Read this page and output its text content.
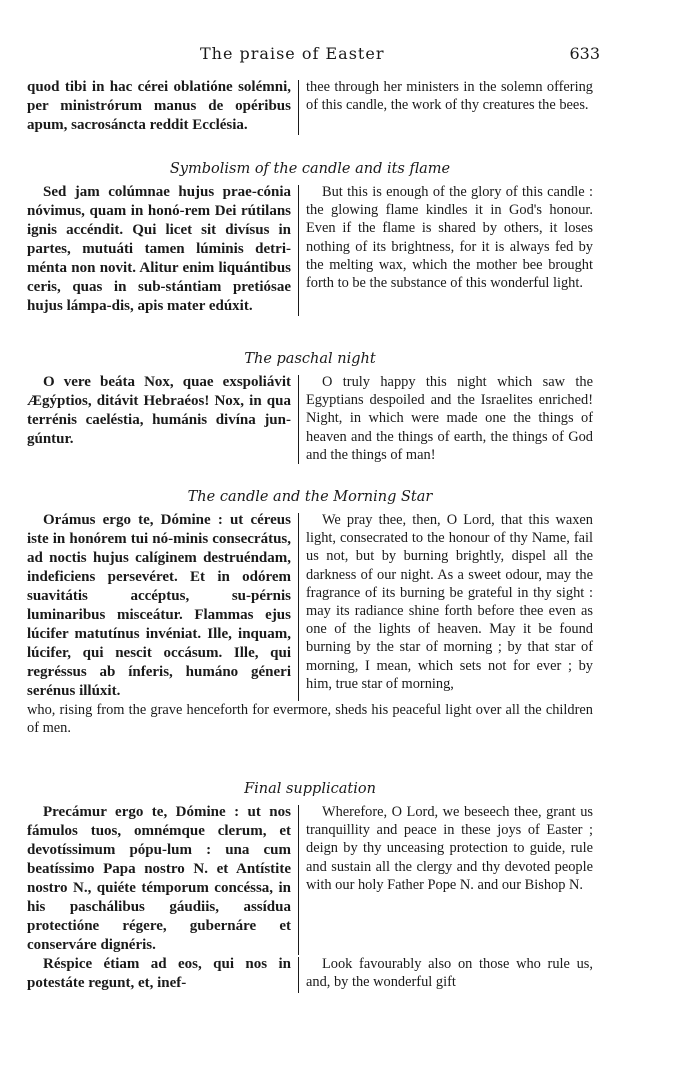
The praise of Easter	633
quod tibi in hac cérei oblatióne solémni, per ministrórum manus de opéribus apum, sacrosáncta reddit Ecclésia.
thee through her ministers in the solemn offering of this candle, the work of thy creatures the bees.
Symbolism of the candle and its flame
Sed jam colúmnae hujus prae-cónia nóvimus, quam in honó-rem Dei rútilans ignis accéndit. Qui licet sit divísus in partes, mutuáti tamen lúminis detri-ménta non novit. Alitur enim liquántibus ceris, quas in sub-stántiam pretiósae hujus lámpa-dis, apis mater edúxit.
But this is enough of the glory of this candle : the glowing flame kindles it in God's honour. Even if the flame is shared by others, it loses nothing of its brightness, for it is always fed by the melting wax, which the mother bee brought forth to be the substance of this wonderful light.
The paschal night
O vere beáta Nox, quae exspoliávit Ægýptios, ditávit Hebraéos! Nox, in qua terrénis caeléstia, humánis divína jun-gúntur.
O truly happy this night which saw the Egyptians despoiled and the Israelites enriched! Night, in which were made one the things of heaven and the things of earth, the things of God and the things of man!
The candle and the Morning Star
Orámus ergo te, Dómine : ut céreus iste in honórem tui nó-minis consecrátus, ad noctis hujus calíginem destruéndam, indeficiens persevéret. Et in odórem suavitátis accéptus, su-pérnis luminaribus misceátur. Flammas ejus lúcifer matutínus invéniat. Ille, inquam, lúcifer, qui nescit occásum. Ille, qui regréssus ab ínferis, humáno géneri serénus illúxit.
We pray thee, then, O Lord, that this waxen light, consecrated to the honour of thy Name, fail us not, but by burning brightly, dispel all the darkness of our night. As a sweet odour, may the fragrance of its burning be grateful in thy sight : may its radiance shine forth before thee even as one of the lights of heaven. May it be found burning by the star of morning ; by that star of morning, I mean, which sets not for ever ; by him, true star of morning,
who, rising from the grave henceforth for evermore, sheds his peaceful light over all the children of men.
Final supplication
Precámur ergo te, Dómine : ut nos fámulos tuos, omnémque clerum, et devotíssimum pópu-lum : una cum beatíssimo Papa nostro N. et Antístite nostro N., quiéte témporum concéssa, in his paschálibus gáudiis, assídua protectióne régere, gubernáre et conserváre dignéris.
Wherefore, O Lord, we beseech thee, grant us tranquillity and peace in these joys of Easter ; deign by thy unceasing protection to guide, rule and sustain all the clergy and thy devoted people with our holy Father Pope N. and our Bishop N.
Réspice étiam ad eos, qui nos in potestáte regunt, et, inef-
Look favourably also on those who rule us, and, by the wonderful gift
